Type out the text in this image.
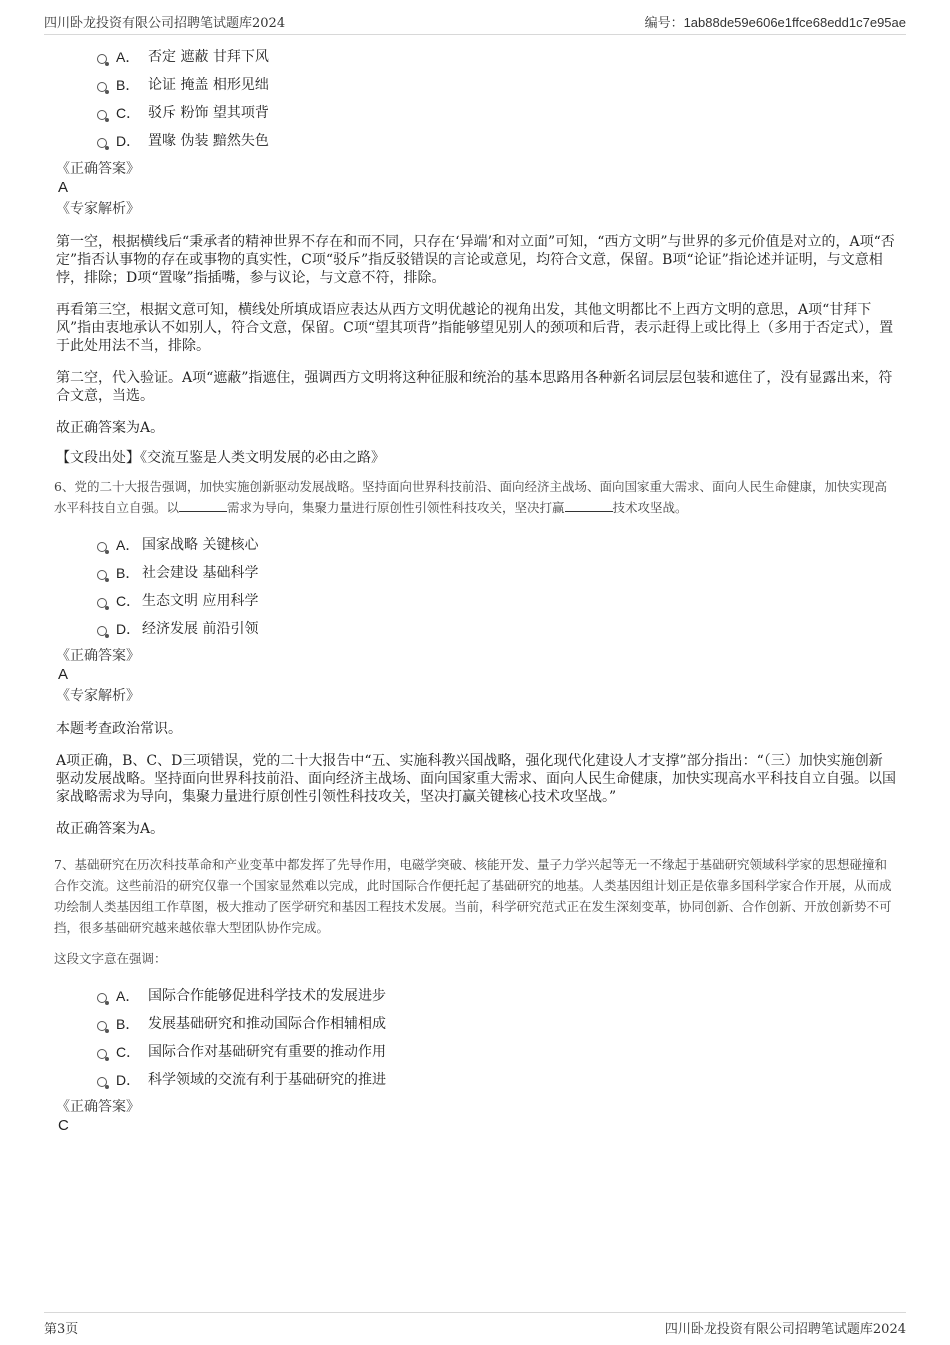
四川卧龙投资有限公司招聘笔试题库2024	编号：1ab88de59e606e1ffce68edd1c7e95ae
A． 否定 遮蔽 甘拜下风
B． 论证 掩盖 相形见绌
C． 驳斥 粉饰 望其项背
D． 置喙 伪装 黯然失色
《正确答案》
A
《专家解析》

第一空，根据横线后“秉承者的精神世界不存在和而不同，只存在‘异端’和对立面”可知，“西方文明”与世界的多元价值是对立的，A项“否定”指否认事物的存在或事物的真实性，C项“驳斥”指反驳错误的言论或意见，均符合文意，保留。B项“论证”指论述并证明，与文意相悖，排除；D项“置喙”指插嘴，参与议论，与文意不符，排除。

再看第三空，根据文意可知，横线处所填成语应表达从西方文明优越论的视角出发，其他文明都比不上西方文明的意思，A项“甘拜下风”指由衷地承认不如别人，符合文意，保留。C项“望其项背”指能够望见别人的颈项和后背，表示赶得上或比得上（多用于否定式），置于此处用法不当，排除。

第二空，代入验证。A项“遮蔽”指遮住，强调西方文明将这种征服和统治的基本思路用各种新名词层层包装和遮住了，没有显露出来，符合文意，当选。

故正确答案为A。

【文段出处】《交流互鉴是人类文明发展的必由之路》

6、党的二十大报告强调，加快实施创新驱动发展战略。坚持面向世界科技前沿、面向经济主战场、面向国家重大需求、面向人民生命健康，加快实现高水平科技自立自强。以	需求为导向，集聚力量进行原创性引领性科技攻关，坚决打赢	技术攻坚战。

A． 国家战略 关键核心
B． 社会建设 基础科学
C． 生态文明 应用科学
D． 经济发展 前沿引领
《正确答案》
A
《专家解析》

本题考查政治常识。

A项正确，B、C、D三项错误，党的二十大报告中“五、实施科教兴国战略，强化现代化建设人才支撑”部分指出：“（三）加快实施创新驱动发展战略。坚持面向世界科技前沿、面向经济主战场、面向国家重大需求、面向人民生命健康，加快实现高水平科技自立自强。以国家战略需求为导向，集聚力量进行原创性引领性科技攻关，坚决打赢关键核心技术攻坚战。”

故正确答案为A。

7、基础研究在历次科技革命和产业变革中都发挥了先导作用，电磁学突破、核能开发、量子力学兴起等无一不缘起于基础研究领域科学家的思想碰撞和合作交流。这些前沿的研究仅靠一个国家显然难以完成，此时国际合作便托起了基础研究的地基。人类基因组计划正是依靠多国科学家合作开展，从而成功绘制人类基因组工作草图，极大推动了医学研究和基因工程技术发展。当前，科学研究范式正在发生深刻变革，协同创新、合作创新、开放创新势不可挡，很多基础研究越来越依靠大型团队协作完成。

这段文字意在强调：

A． 国际合作能够促进科学技术的发展进步
B． 发展基础研究和推动国际合作相辅相成
C． 国际合作对基础研究有重要的推动作用
D． 科学领域的交流有利于基础研究的推进
《正确答案》
C
第3页	四川卧龙投资有限公司招聘笔试题库2024
